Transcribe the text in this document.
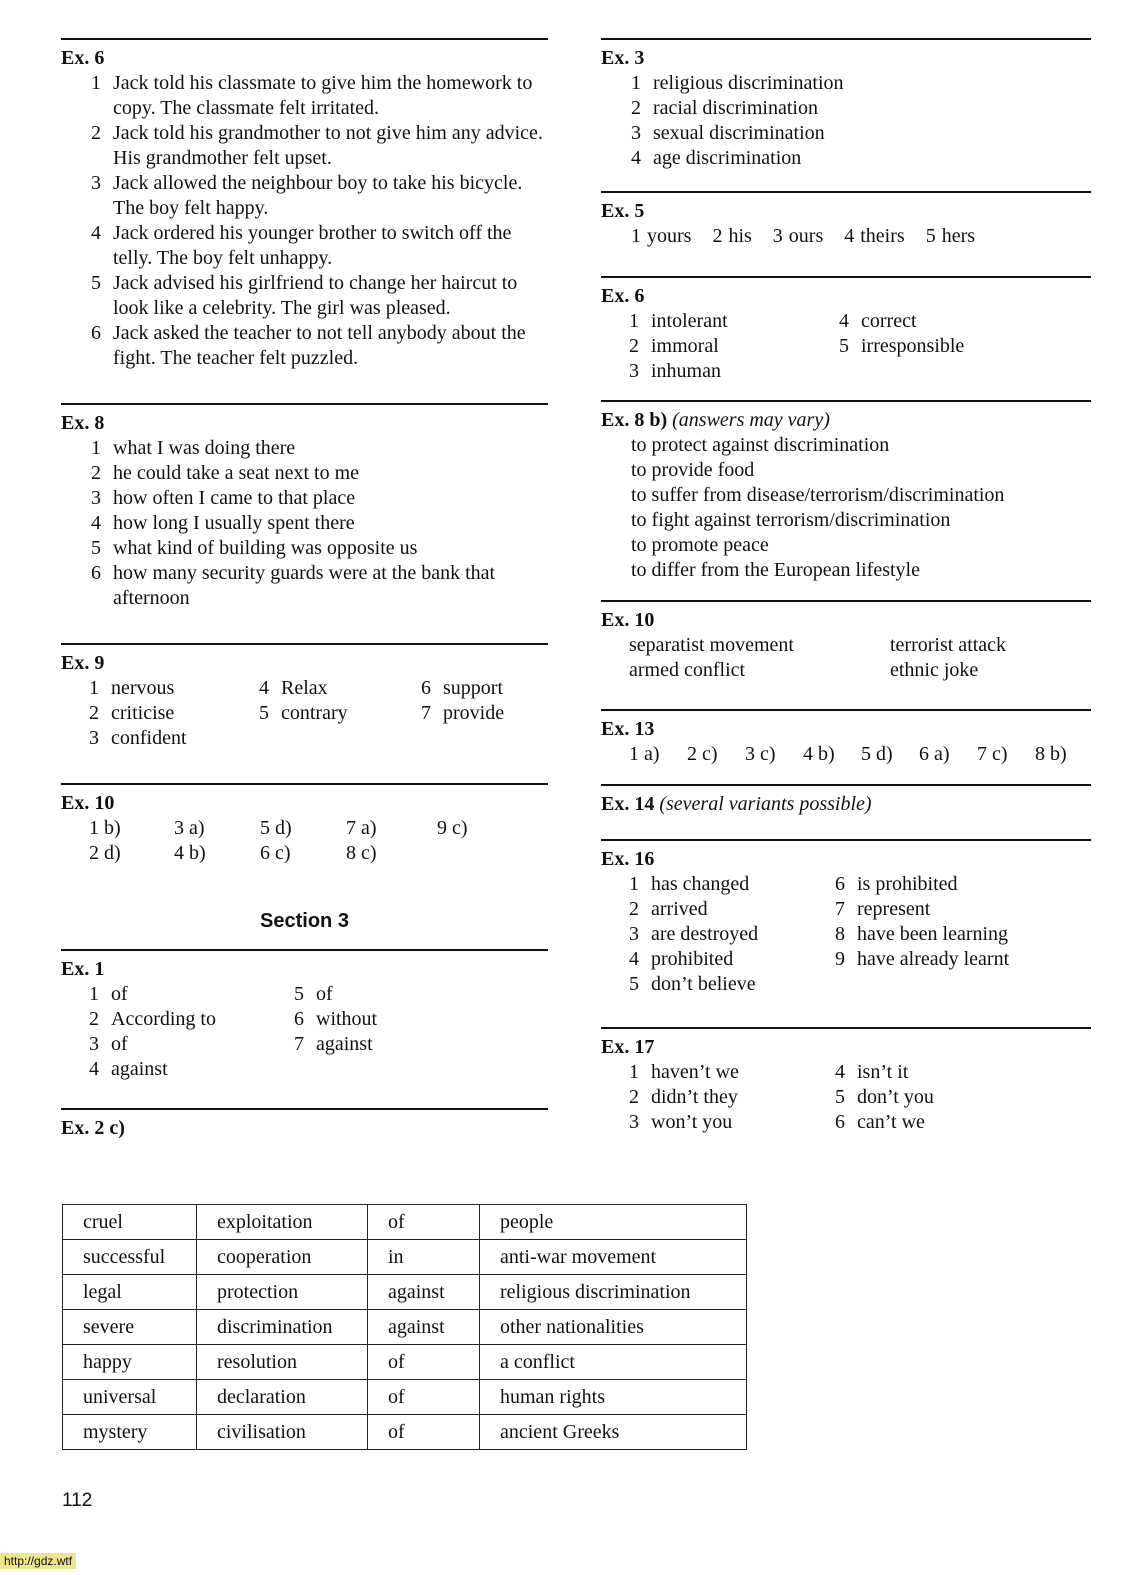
Ex. 6
1 Jack told his classmate to give him the homework to copy. The classmate felt irritated.
2 Jack told his grandmother to not give him any advice. His grandmother felt upset.
3 Jack allowed the neighbour boy to take his bicycle. The boy felt happy.
4 Jack ordered his younger brother to switch off the telly. The boy felt unhappy.
5 Jack advised his girlfriend to change her haircut to look like a celebrity. The girl was pleased.
6 Jack asked the teacher to not tell anybody about the fight. The teacher felt puzzled.
Ex. 8
1 what I was doing there
2 he could take a seat next to me
3 how often I came to that place
4 how long I usually spent there
5 what kind of building was opposite us
6 how many security guards were at the bank that afternoon
Ex. 9
1 nervous	4 Relax	6 support
2 criticise	5 contrary	7 provide
3 confident
Ex. 10
1 b)	3 a)	5 d)	7 a)	9 c)
2 d)	4 b)	6 c)	8 c)
Section 3
Ex. 1
1 of	5 of
2 According to	6 without
3 of	7 against
4 against
Ex. 2 c)
cruel	exploitation	of	people
successful	cooperation	in	anti-war movement
legal	protection	against	religious discrimination
severe	discrimination	against	other nationalities
happy	resolution	of	a conflict
universal	declaration	of	human rights
mystery	civilisation	of	ancient Greeks
Ex. 3
1 religious discrimination
2 racial discrimination
3 sexual discrimination
4 age discrimination
Ex. 5
1 yours 2 his 3 ours 4 theirs 5 hers
Ex. 6
1 intolerant	4 correct
2 immoral	5 irresponsible
3 inhuman
Ex. 8 b) (answers may vary)
to protect against discrimination
to provide food
to suffer from disease/terrorism/discrimination
to fight against terrorism/discrimination
to promote peace
to differ from the European lifestyle
Ex. 10
separatist movement	terrorist attack
armed conflict	ethnic joke
Ex. 13
1 a)	2 c)	3 c)	4 b)	5 d)	6 a)	7 c)	8 b)
Ex. 14 (several variants possible)
Ex. 16
1 has changed	6 is prohibited
2 arrived	7 represent
3 are destroyed	8 have been learning
4 prohibited	9 have already learnt
5 don’t believe
Ex. 17
1 haven’t we	4 isn’t it
2 didn’t they	5 don’t you
3 won’t you	6 can’t we
112
http://gdz.wtf
